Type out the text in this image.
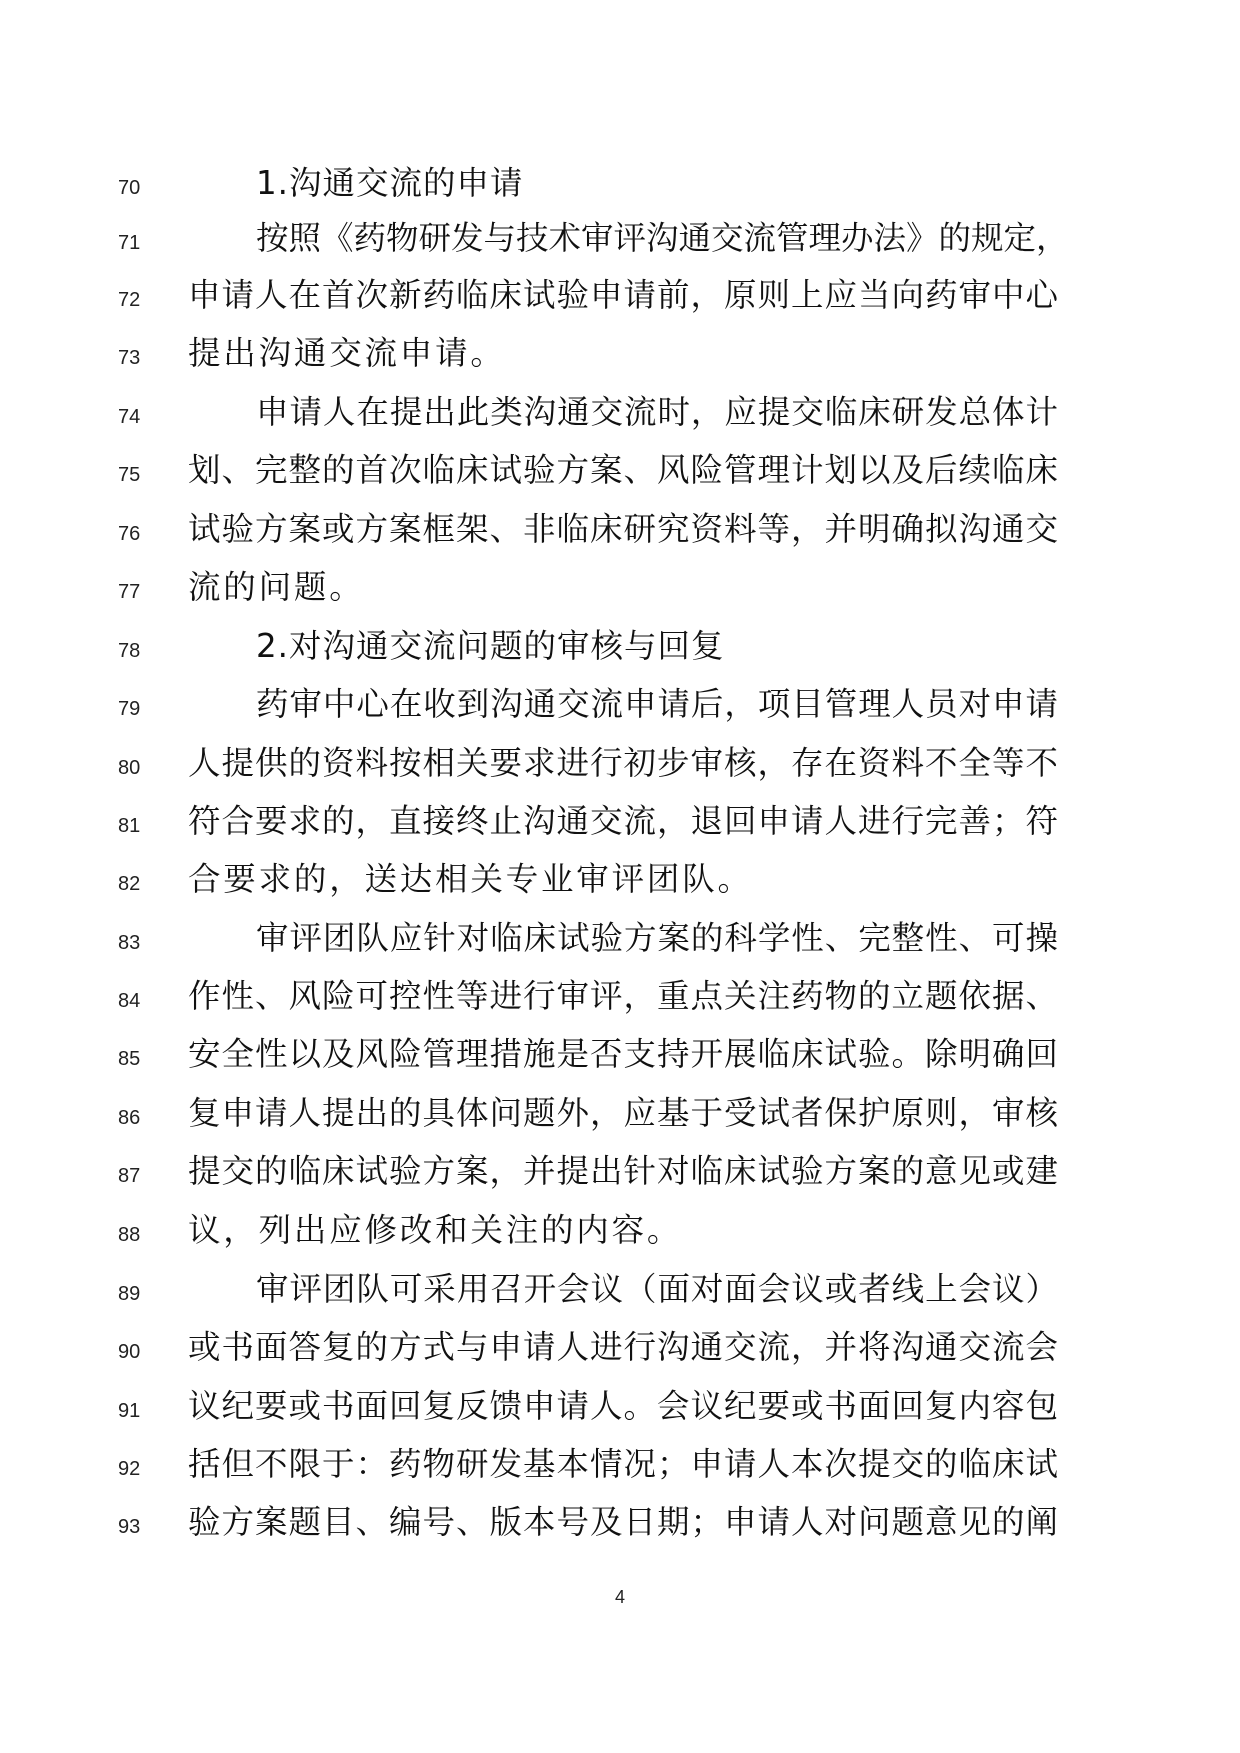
70	1.沟通交流的申请
71	按照《药物研发与技术审评沟通交流管理办法》的规定，
72	申请人在首次新药临床试验申请前，原则上应当向药审中心
73	提出沟通交流申请。
74	申请人在提出此类沟通交流时，应提交临床研发总体计
75	划、完整的首次临床试验方案、风险管理计划以及后续临床
76	试验方案或方案框架、非临床研究资料等，并明确拟沟通交
77	流的问题。
78	2.对沟通交流问题的审核与回复
79	药审中心在收到沟通交流申请后，项目管理人员对申请
80	人提供的资料按相关要求进行初步审核，存在资料不全等不
81	符合要求的，直接终止沟通交流，退回申请人进行完善；符
82	合要求的，送达相关专业审评团队。
83	审评团队应针对临床试验方案的科学性、完整性、可操
84	作性、风险可控性等进行审评，重点关注药物的立题依据、
85	安全性以及风险管理措施是否支持开展临床试验。除明确回
86	复申请人提出的具体问题外，应基于受试者保护原则，审核
87	提交的临床试验方案，并提出针对临床试验方案的意见或建
88	议，列出应修改和关注的内容。
89	审评团队可采用召开会议（面对面会议或者线上会议）
90	或书面答复的方式与申请人进行沟通交流，并将沟通交流会
91	议纪要或书面回复反馈申请人。会议纪要或书面回复内容包
92	括但不限于：药物研发基本情况；申请人本次提交的临床试
93	验方案题目、编号、版本号及日期；申请人对问题意见的阐
4
